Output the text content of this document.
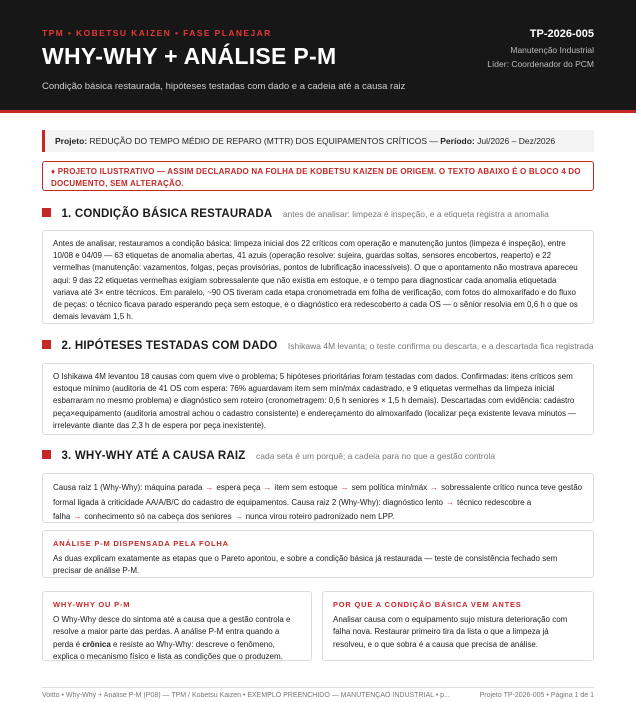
TPM • KOBETSU KAIZEN • FASE PLANEJAR
WHY-WHY + ANÁLISE P-M
Condição básica restaurada, hipóteses testadas com dado e a cadeia até a causa raiz
TP-2026-005
Manutenção Industrial
Líder: Coordenador do PCM
Projeto: REDUÇÃO DO TEMPO MÉDIO DE REPARO (MTTR) DOS EQUIPAMENTOS CRÍTICOS — Período: Jul/2026 – Dez/2026
♦ PROJETO ILUSTRATIVO — ASSIM DECLARADO NA FOLHA DE KOBETSU KAIZEN DE ORIGEM. O TEXTO ABAIXO É O BLOCO 4 DO DOCUMENTO, SEM ALTERAÇÃO.
1. CONDIÇÃO BÁSICA RESTAURADA antes de analisar: limpeza é inspeção, e a etiqueta registra a anomalia
Antes de analisar, restauramos a condição básica: limpeza inicial dos 22 críticos com operação e manutenção juntos (limpeza é inspeção), entre 10/08 e 04/09 — 63 etiquetas de anomalia abertas, 41 azuis (operação resolve: sujeira, guardas soltas, sensores encobertos, reaperto) e 22 vermelhas (manutenção: vazamentos, folgas, peças provisórias, pontos de lubrificação inacessíveis). O que o apontamento não mostrava apareceu aqui: 9 das 22 etiquetas vermelhas exigiam sobressalente que não existia em estoque, e o tempo para diagnosticar cada anomalia etiquetada variava até 3× entre técnicos. Em paralelo, ~90 OS tiveram cada etapa cronometrada em folha de verificação, com fotos do almoxarifado e do fluxo de peças: o técnico ficava parado esperando peça sem estoque, e o diagnóstico era redescoberto a cada OS — o sênior resolvia em 0,6 h o que os demais levavam 1,5 h.
2. HIPÓTESES TESTADAS COM DADO Ishikawa 4M levanta; o teste confirma ou descarta, e a descartada fica registrada
O Ishikawa 4M levantou 18 causas com quem vive o problema; 5 hipóteses prioritárias foram testadas com dados. Confirmadas: itens críticos sem estoque mínimo (auditoria de 41 OS com espera: 76% aguardavam item sem mín/máx cadastrado, e 9 etiquetas vermelhas da limpeza inicial esbarraram no mesmo problema) e diagnóstico sem roteiro (cronometragem: 0,6 h seniores × 1,5 h demais). Descartadas com evidência: cadastro peça×equipamento (auditoria amostral achou o cadastro consistente) e endereçamento do almoxarifado (localizar peça existente levava minutos — irrelevante diante das 2,3 h de espera por peça inexistente).
3. WHY-WHY ATÉ A CAUSA RAIZ cada seta é um porquê; a cadeia para no que a gestão controla
Causa raiz 1 (Why-Why): máquina parada → espera peça → item sem estoque → sem política mín/máx → sobressalente crítico nunca teve gestão formal ligada à criticidade AA/A/B/C do cadastro de equipamentos. Causa raiz 2 (Why-Why): diagnóstico lento → técnico redescobre a falha → conhecimento só na cabeça dos seniores → nunca virou roteiro padronizado nem LPP.
ANÁLISE P-M DISPENSADA PELA FOLHA
As duas explicam exatamente as etapas que o Pareto apontou, e sobre a condição básica já restaurada — teste de consistência fechado sem precisar de análise P-M.
WHY-WHY OU P-M
O Why-Why desce do sintoma até a causa que a gestão controla e resolve a maior parte das perdas. A análise P-M entra quando a perda é crônica e resiste ao Why-Why: descreve o fenômeno, explica o mecanismo físico e lista as condições que o produzem.
POR QUE A CONDIÇÃO BÁSICA VEM ANTES
Analisar causa com o equipamento sujo mistura deterioração com falha nova. Restaurar primeiro tira da lista o que a limpeza já resolveu, e o que sobra é a causa que precisa de análise.
Voitto • Why-Why + Análise P-M (P08) — TPM / Kobetsu Kaizen • EXEMPLO PREENCHIDO — MANUTENÇÃO INDUSTRIAL • p...	Projeto TP-2026-005 • Página 1 de 1
